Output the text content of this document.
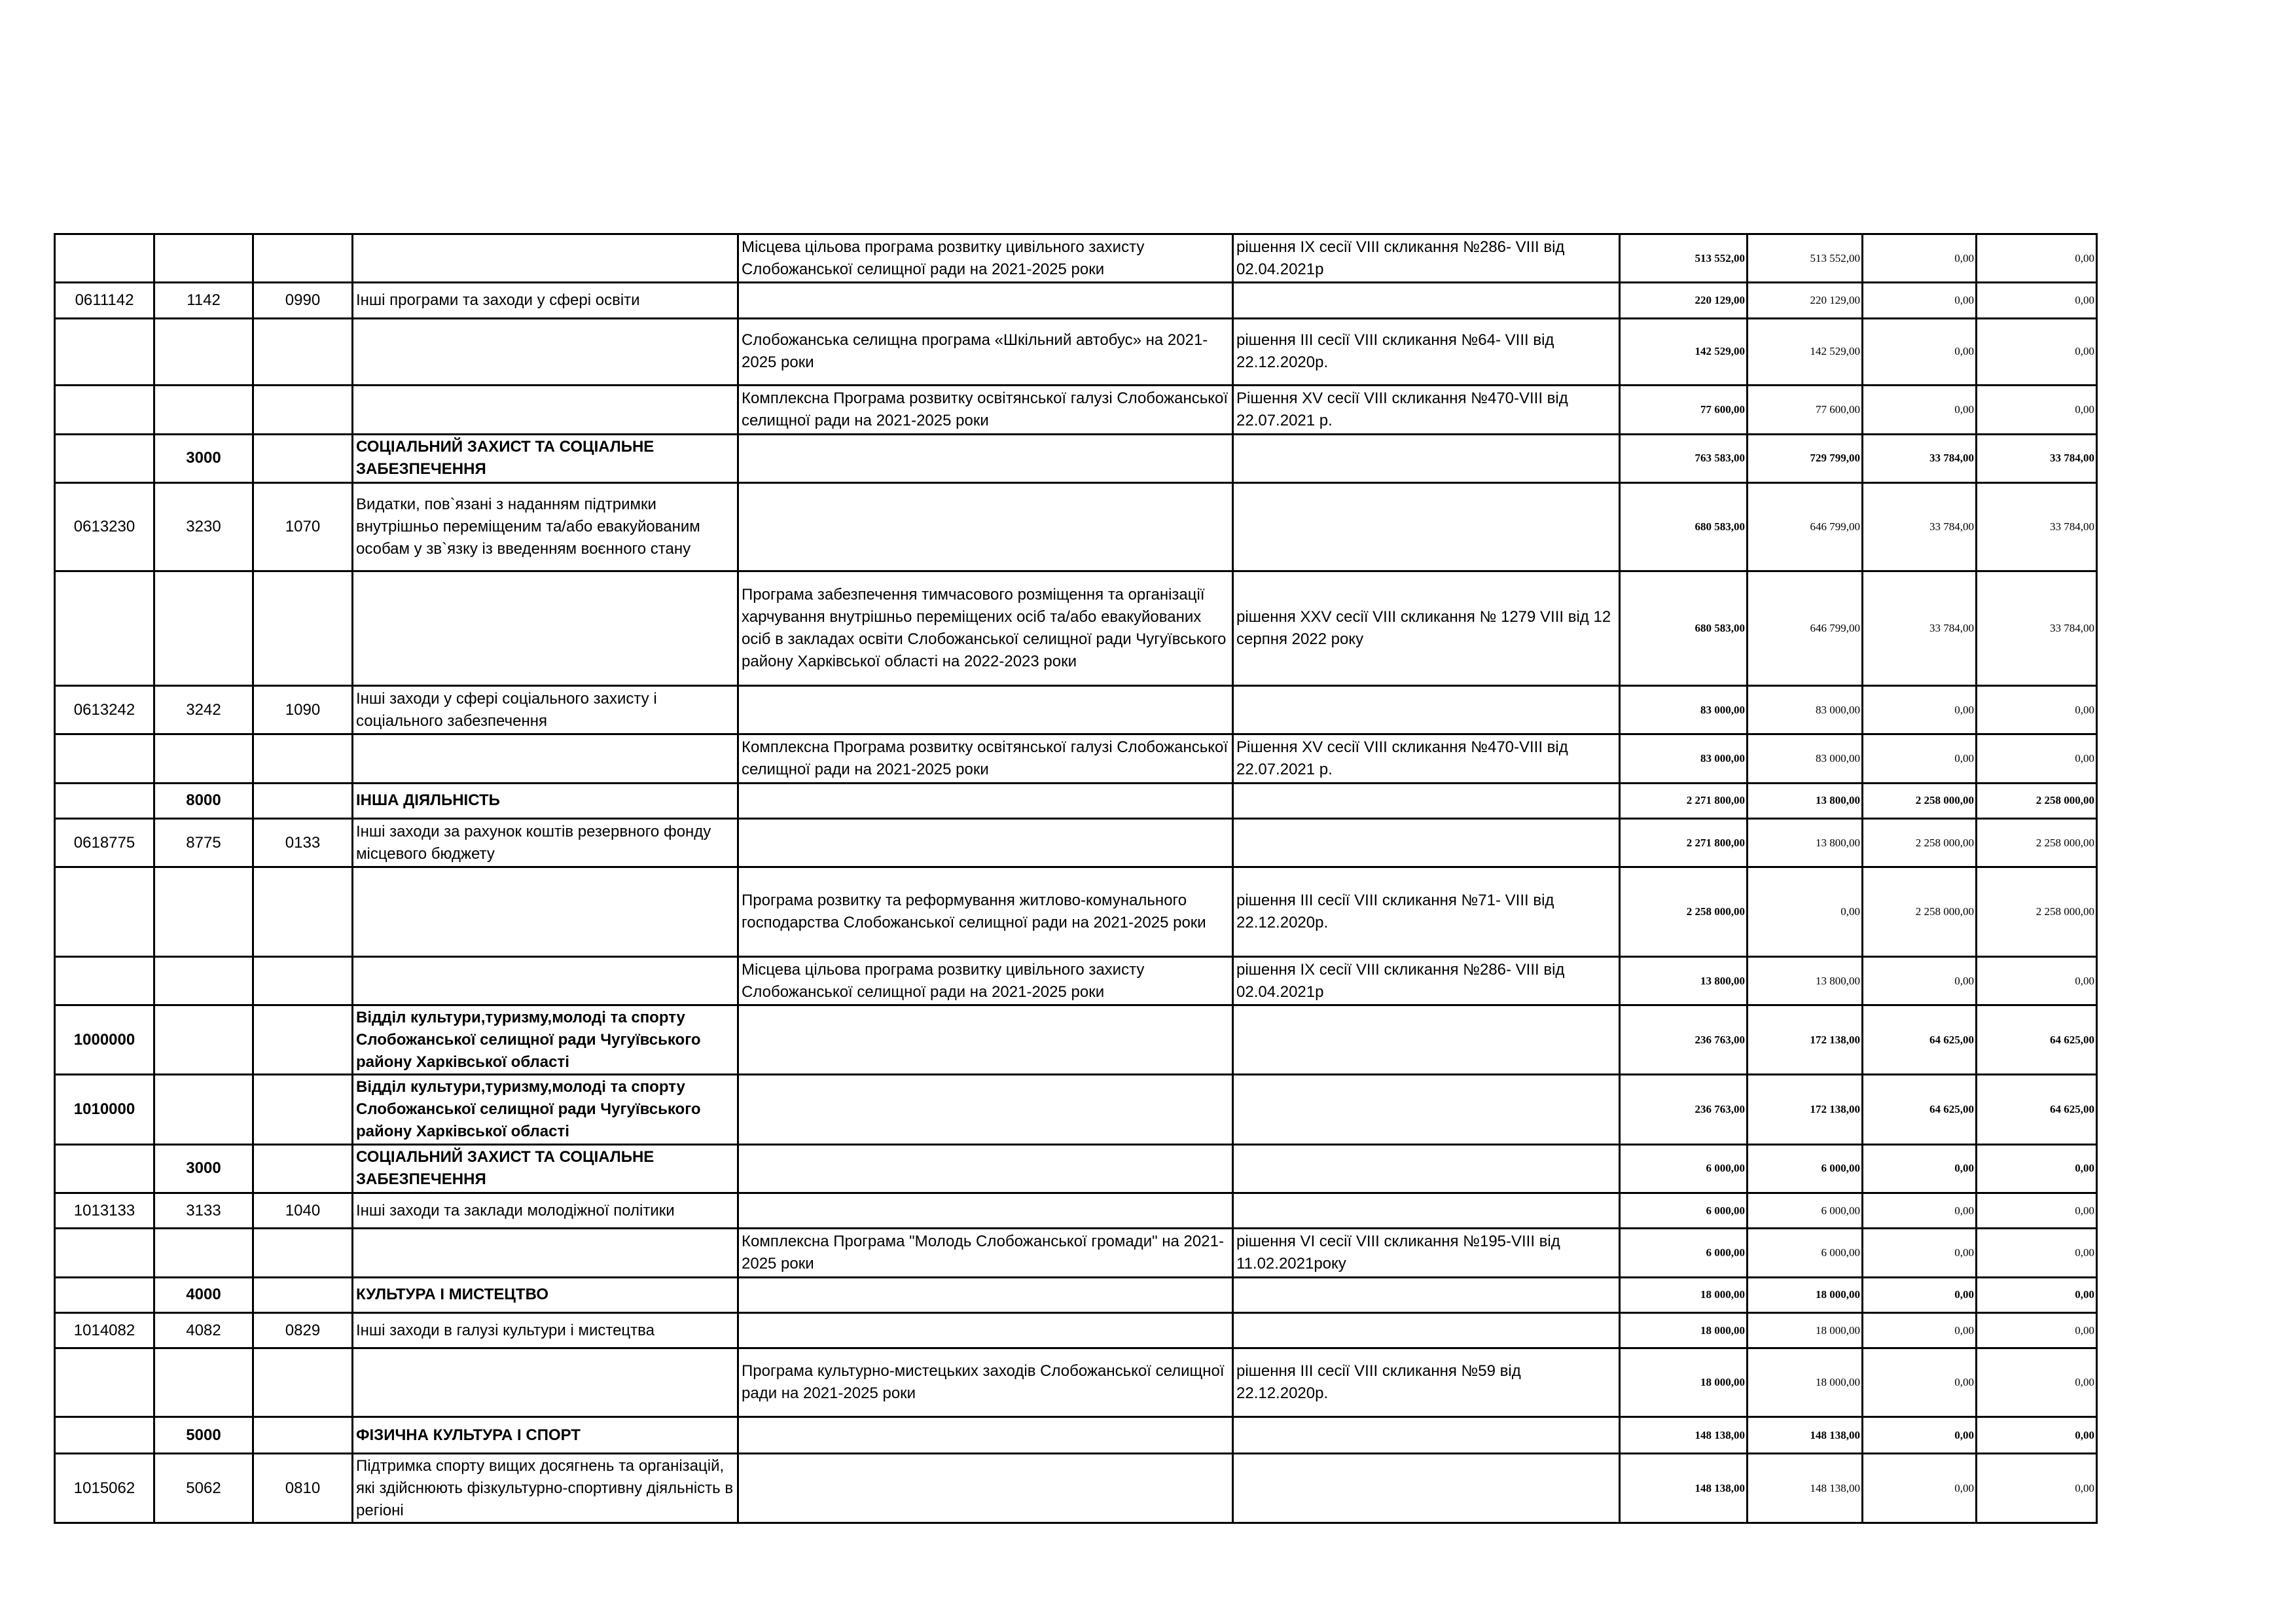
				Місцева цільова програма розвитку цивільного захисту Слобожанської селищної ради на 2021-2025 роки	рішення IX сесії VIII скликання №286- VIII від 02.04.2021р	513 552,00	513 552,00	0,00	0,00
0611142	1142	0990	Інші програми та заходи у сфері освіти			220 129,00	220 129,00	0,00	0,00
				Слобожанська селищна програма «Шкільний автобус» на 2021-2025 роки	рішення III сесії VIII скликання №64- VIII від 22.12.2020р.	142 529,00	142 529,00	0,00	0,00
				Комплексна Програма розвитку освітянської галузі Слобожанської селищної ради на 2021-2025 роки	Рішення XV сесії VIII скликання №470-VIII від 22.07.2021 р.	77 600,00	77 600,00	0,00	0,00
	3000		СОЦІАЛЬНИЙ ЗАХИСТ ТА СОЦІАЛЬНЕ ЗАБЕЗПЕЧЕННЯ			763 583,00	729 799,00	33 784,00	33 784,00
0613230	3230	1070	Видатки, пов`язані з наданням підтримки внутрішньо переміщеним та/або евакуйованим особам у зв`язку із введенням воєнного стану			680 583,00	646 799,00	33 784,00	33 784,00
				Програма забезпечення тимчасового розміщення та організації харчування внутрішньо переміщених осіб та/або евакуйованих осіб в закладах освіти Слобожанської селищної ради Чугуївського району Харківської області на 2022-2023 роки	рішення XXV сесії VIII скликання № 1279 VIII від 12 серпня 2022 року	680 583,00	646 799,00	33 784,00	33 784,00
0613242	3242	1090	Інші заходи у сфері соціального захисту і соціального забезпечення			83 000,00	83 000,00	0,00	0,00
				Комплексна Програма розвитку освітянської галузі Слобожанської селищної ради на 2021-2025 роки	Рішення XV сесії VIII скликання №470-VIII від 22.07.2021 р.	83 000,00	83 000,00	0,00	0,00
	8000		ІНША ДІЯЛЬНІСТЬ			2 271 800,00	13 800,00	2 258 000,00	2 258 000,00
0618775	8775	0133	Інші заходи за рахунок коштів резервного фонду місцевого бюджету			2 271 800,00	13 800,00	2 258 000,00	2 258 000,00
				Програма розвитку та реформування житлово-комунального господарства Слобожанської селищної ради на 2021-2025 роки	рішення III сесії VIII скликання №71- VIII від 22.12.2020р.	2 258 000,00	0,00	2 258 000,00	2 258 000,00
				Місцева цільова програма розвитку цивільного захисту Слобожанської селищної ради на 2021-2025 роки	рішення IX сесії VIII скликання №286- VIII від 02.04.2021р	13 800,00	13 800,00	0,00	0,00
1000000			Відділ культури,туризму,молоді та спорту Слобожанської селищної ради Чугуївського району Харківської області			236 763,00	172 138,00	64 625,00	64 625,00
1010000			Відділ культури,туризму,молоді та спорту Слобожанської селищної ради Чугуївського району Харківської області			236 763,00	172 138,00	64 625,00	64 625,00
	3000		СОЦІАЛЬНИЙ ЗАХИСТ ТА СОЦІАЛЬНЕ ЗАБЕЗПЕЧЕННЯ			6 000,00	6 000,00	0,00	0,00
1013133	3133	1040	Інші заходи та заклади молодіжної політики			6 000,00	6 000,00	0,00	0,00
				Комплексна Програма "Молодь Слобожанської громади" на 2021-2025 роки	рішення VI сесії VIII скликання №195-VIII від 11.02.2021року	6 000,00	6 000,00	0,00	0,00
	4000		КУЛЬТУРА І МИСТЕЦТВО			18 000,00	18 000,00	0,00	0,00
1014082	4082	0829	Інші заходи в галузі культури і мистецтва			18 000,00	18 000,00	0,00	0,00
				Програма культурно-мистецьких заходів Слобожанської селищної ради на 2021-2025 роки	рішення III сесії VIII скликання №59 від 22.12.2020р.	18 000,00	18 000,00	0,00	0,00
	5000		ФІЗИЧНА КУЛЬТУРА І СПОРТ			148 138,00	148 138,00	0,00	0,00
1015062	5062	0810	Підтримка спорту вищих досягнень та організацій, які здійснюють фізкультурно-спортивну діяльність в регіоні			148 138,00	148 138,00	0,00	0,00
